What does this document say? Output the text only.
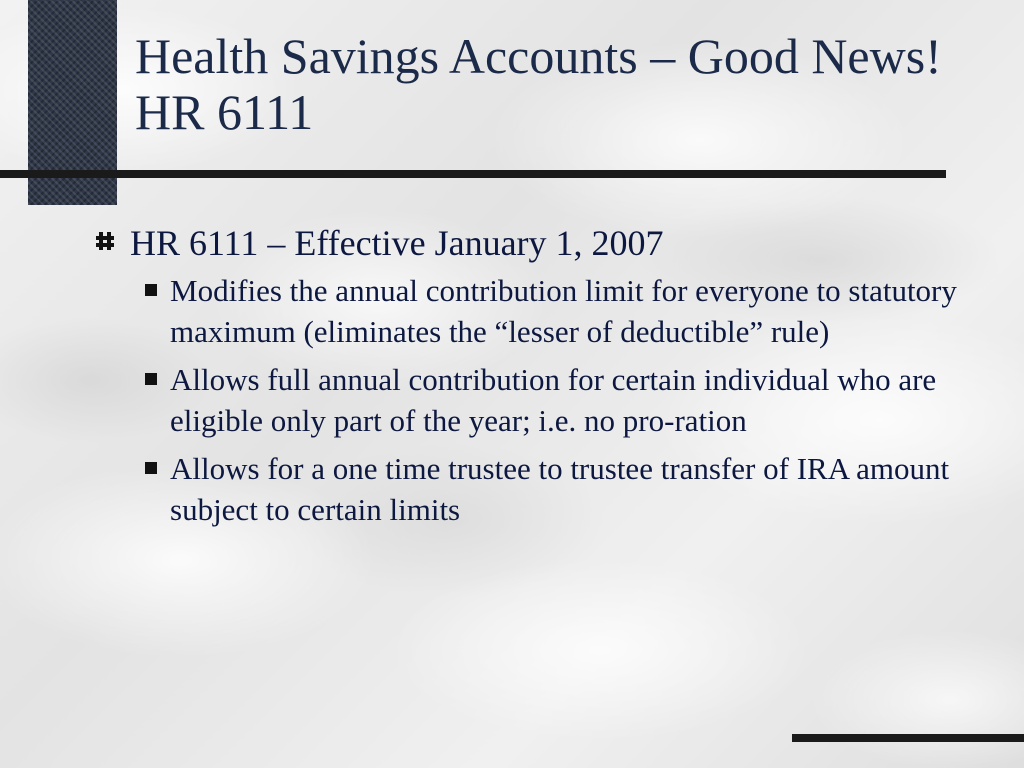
Health Savings Accounts – Good News! HR 6111
HR 6111 – Effective January 1, 2007
Modifies the annual contribution limit for everyone to statutory maximum (eliminates the “lesser of deductible” rule)
Allows full annual contribution for certain individual who are eligible only part of the year; i.e. no pro-ration
Allows for a one time trustee to trustee transfer of IRA amount subject to certain limits
